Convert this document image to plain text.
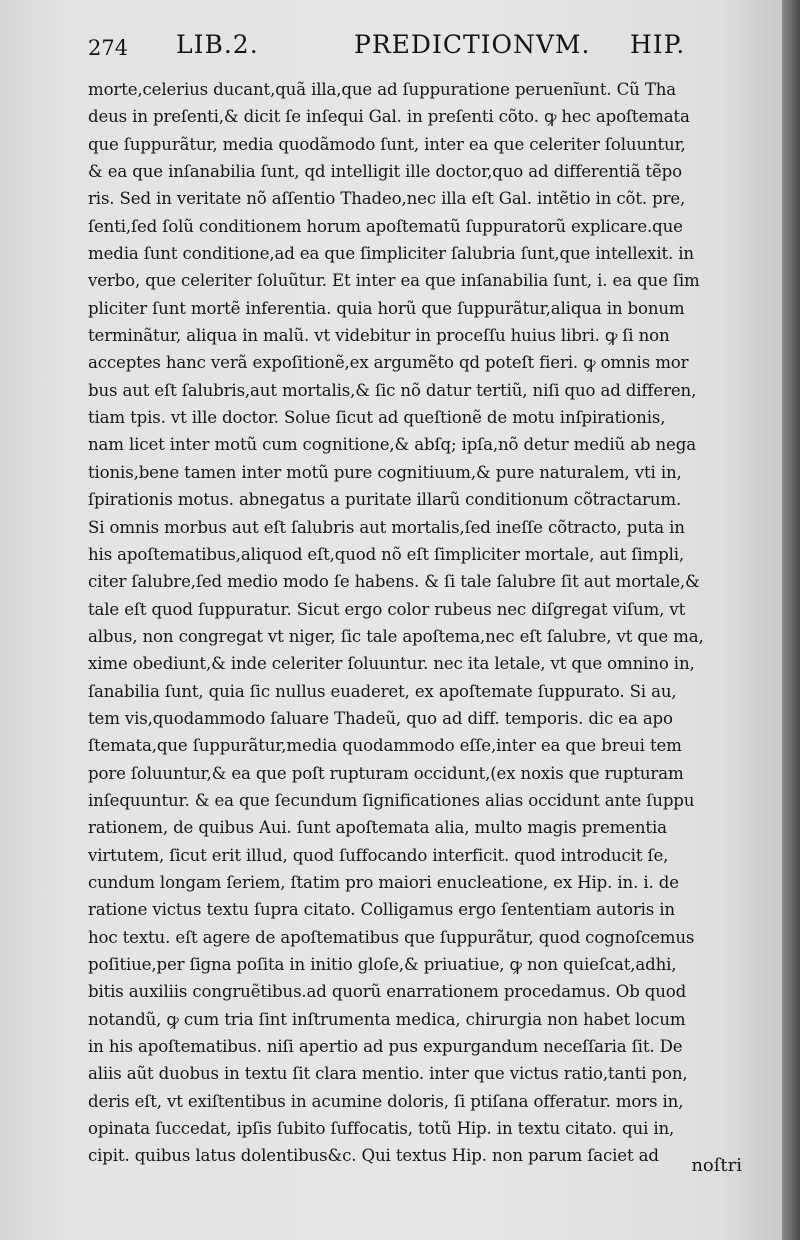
274 LIB.2.	PREDICTIONVM. HIP.
morte,celerius ducant,quã illa,que ad ſuppuratione peruenĩunt. Cũ Tha
deus in preſenti,& dicit ſe inſequi Gal. in preſenti cõto. ꝙ hec apoſtemata
que ſuppurãtur, media quodãmodo ſunt, inter ea que celeriter ſoluuntur,
& ea que inſanabilia ſunt, qd intelligit ille doctor,quo ad differentiã tẽpo
ris. Sed in veritate nõ aſſentio Thadeo,nec illa eſt Gal. intẽtio in cõt. pre,
ſenti,ſed ſolũ conditionem horum apoſtematũ ſuppuratorũ explicare.que
media ſunt conditione,ad ea que ſimpliciter ſalubria ſunt,que intellexit. in
verbo, que celeriter ſoluũtur. Et inter ea que inſanabilia ſunt, i. ea que ſim
pliciter ſunt mortẽ inferentia. quia horũ que ſuppurãtur,aliqua in bonum
terminãtur, aliqua in malũ. vt videbitur in proceſſu huius libri. ꝙ ſi non
acceptes hanc verã expoſitionẽ,ex argumẽto qd poteſt fieri. ꝙ omnis mor
bus aut eſt ſalubris,aut mortalis,& ſic nõ datur tertiũ, niſi quo ad differen,
tiam tpis. vt ille doctor. Solue ſicut ad queſtionẽ de motu inſpirationis,
nam licet inter motũ cum cognitione,& abſq; ipſa,nõ detur mediũ ab nega
tionis,bene tamen inter motũ pure cognitiuum,& pure naturalem, vti in,
ſpirationis motus. abnegatus a puritate illarũ conditionum cõtractarum.
Si omnis morbus aut eſt ſalubris aut mortalis,ſed ineſſe cõtracto, puta in
his apoſtematibus,aliquod eſt,quod nõ eſt ſimpliciter mortale, aut ſimpli,
citer ſalubre,ſed medio modo ſe habens. & ſi tale ſalubre ſit aut mortale,&
tale eſt quod ſuppuratur. Sicut ergo color rubeus nec diſgregat viſum, vt
albus, non congregat vt niger, ſic tale apoſtema,nec eſt ſalubre, vt que ma,
xime obediunt,& inde celeriter ſoluuntur. nec ita letale, vt que omnino in,
ſanabilia ſunt, quia ſic nullus euaderet, ex apoſtemate ſuppurato. Si au,
tem vis,quodammodo ſaluare Thadeũ, quo ad diff. temporis. dic ea apo
ſtemata,que ſuppurãtur,media quodammodo eſſe,inter ea que breui tem
pore ſoluuntur,& ea que poſt rupturam occidunt,(ex noxis que rupturam
inſequuntur. & ea que ſecundum ſignificationes alias occidunt ante ſuppu
rationem, de quibus Aui. ſunt apoſtemata alia, multo magis prementia
virtutem, ſicut erit illud, quod ſuffocando interficit. quod introducit ſe,
cundum longam ſeriem, ſtatim pro maiori enucleatione, ex Hip. in. i. de
ratione victus textu ſupra citato. Colligamus ergo ſententiam autoris in
hoc textu. eſt agere de apoſtematibus que ſuppurãtur, quod cognoſcemus
poſitiue,per ſigna poſita in initio gloſe,& priuatiue, ꝙ non quieſcat,adhi,
bitis auxiliis congruẽtibus.ad quorũ enarrationem procedamus. Ob quod
notandũ, ꝙ cum tria ſint inſtrumenta medica, chirurgia non habet locum
in his apoſtematibus. niſi apertio ad pus expurgandum neceſſaria ſit. De
aliis aũt duobus in textu ſit clara mentio. inter que victus ratio,tanti pon,
deris eſt, vt exiſtentibus in acumine doloris, ſi ptiſana offeratur. mors in,
opinata ſuccedat, ipſis ſubito ſuffocatis, totũ Hip. in textu citato. qui in,
cipit. quibus latus dolentibus&c. Qui textus Hip. non parum ſaciet ad	noſtri
